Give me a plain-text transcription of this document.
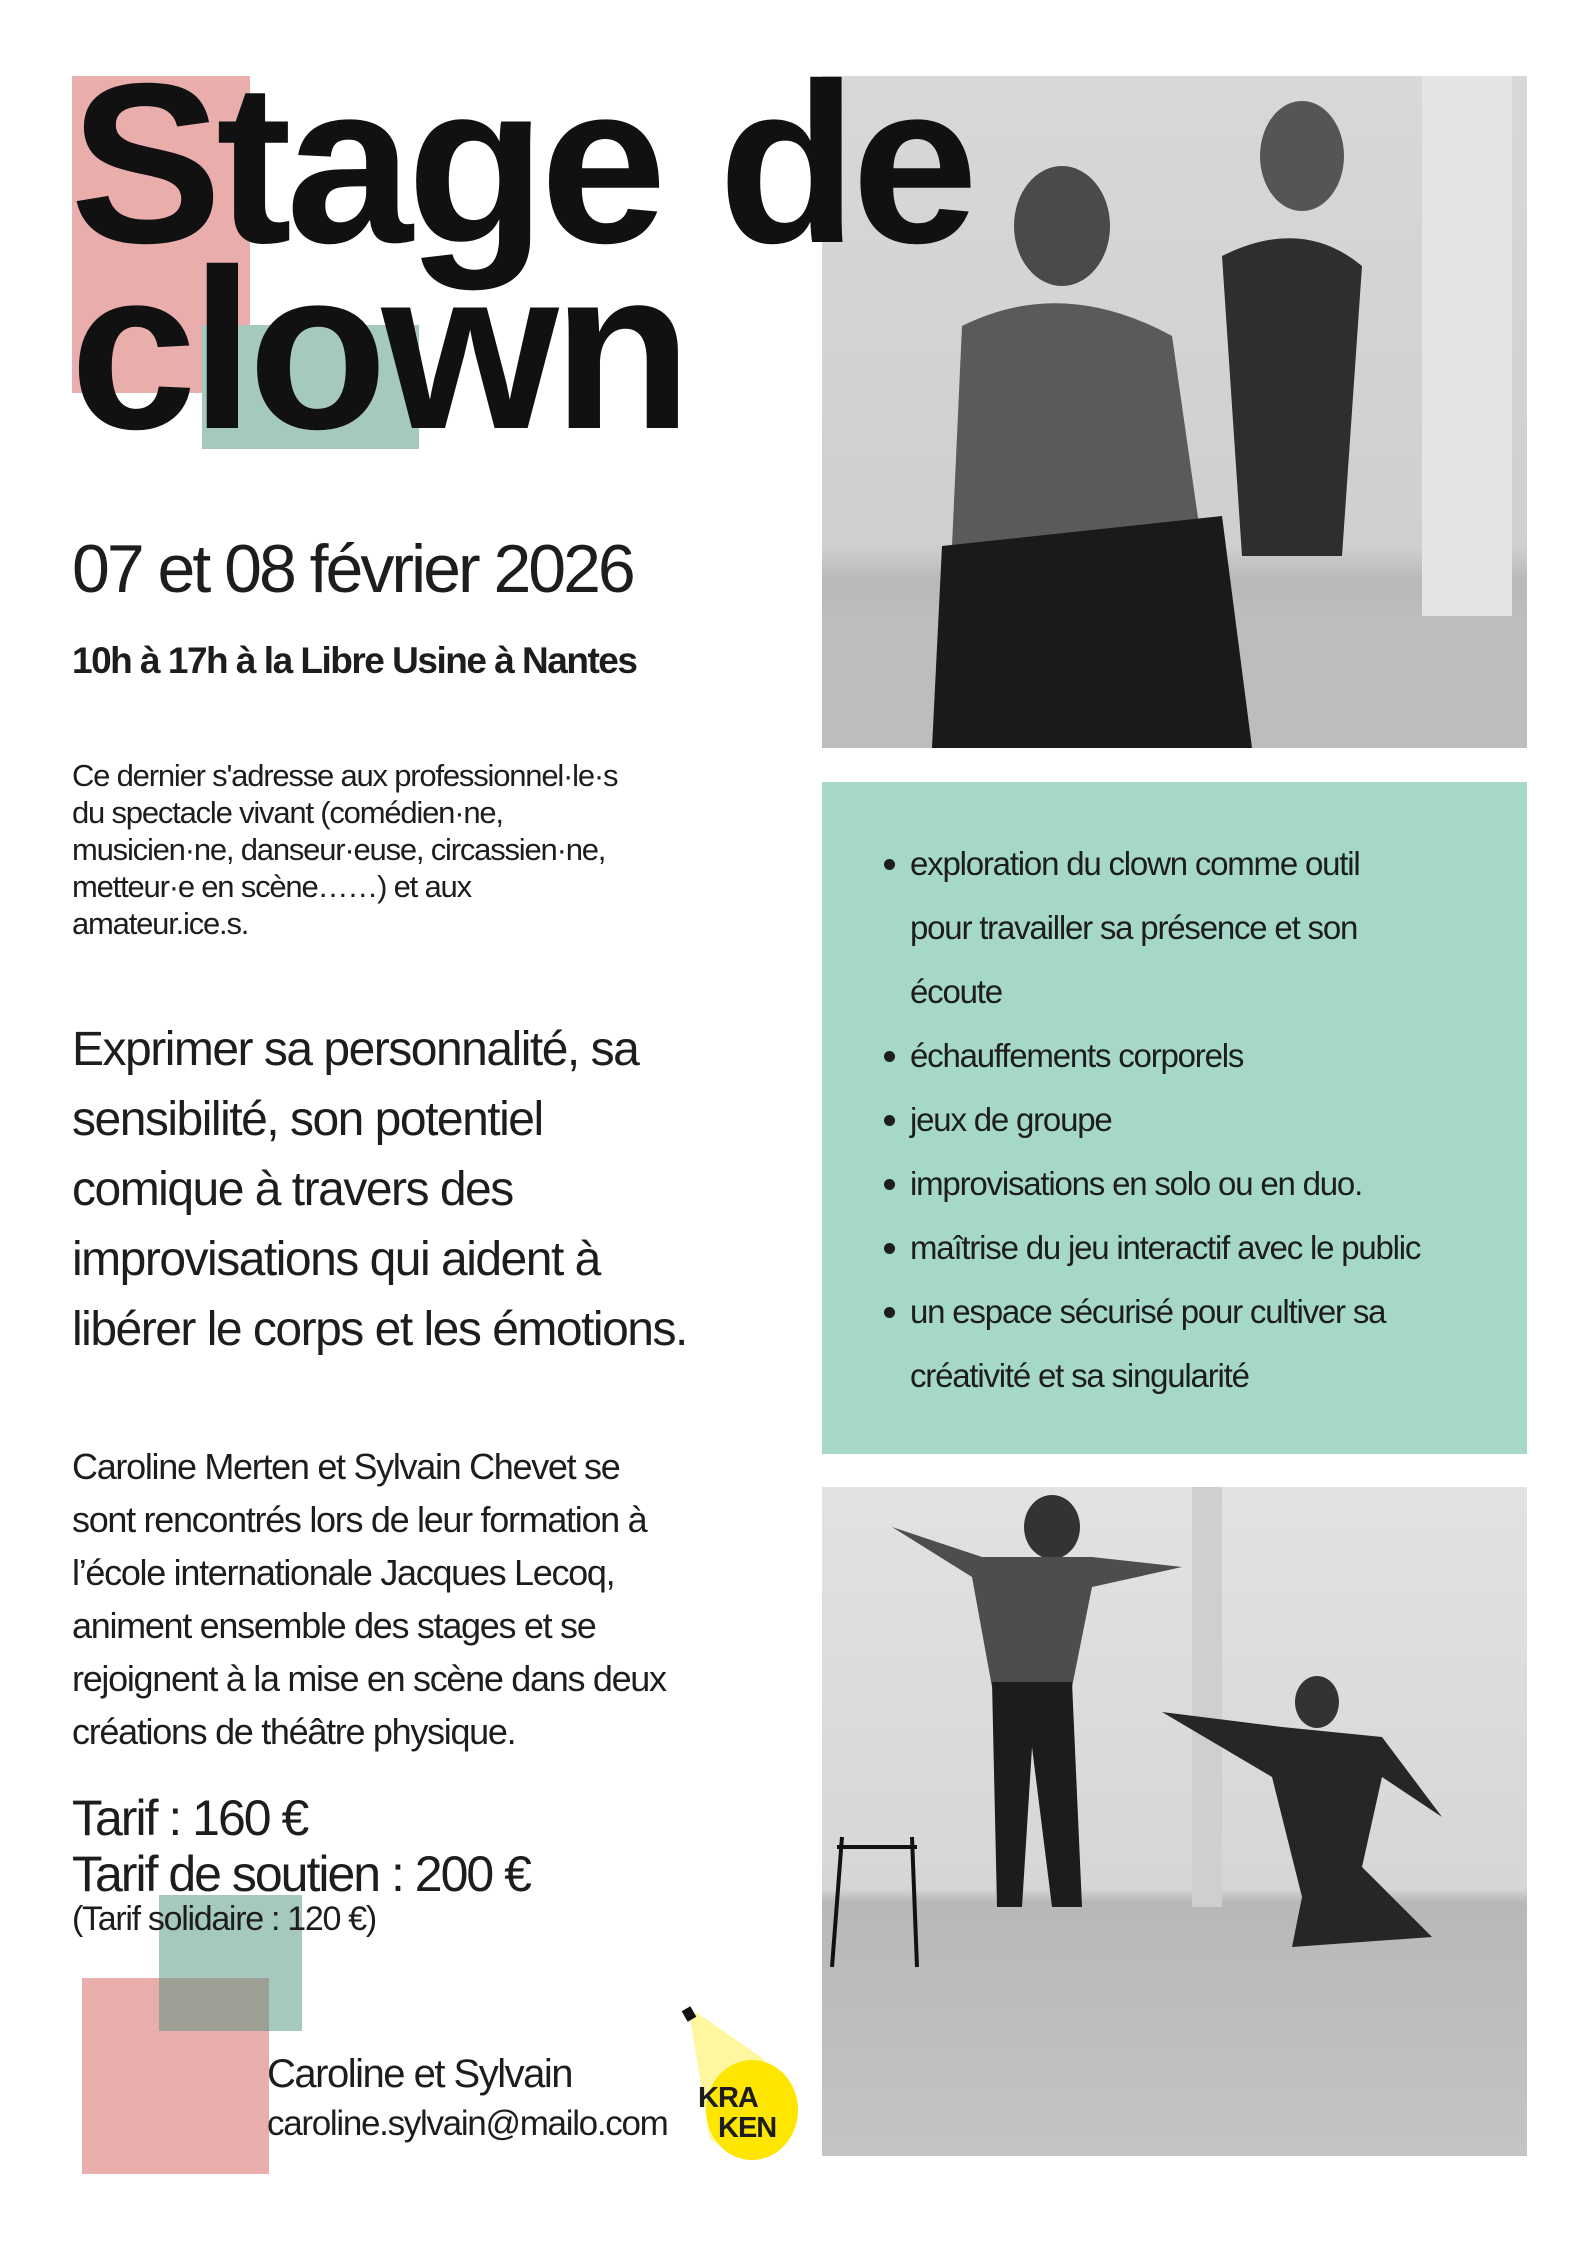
Stage de
clown
07 et 08 février 2026
10h à 17h à la Libre Usine à Nantes
Ce dernier s'adresse aux professionnel·le·s
du spectacle vivant (comédien·ne,
musicien·ne, danseur·euse, circassien·ne,
metteur·e en scène……) et aux
amateur.ice.s.
Exprimer sa personnalité, sa
sensibilité, son potentiel
comique à travers des
improvisations qui aident à
libérer le corps et les émotions.
Caroline Merten et Sylvain Chevet se
sont rencontrés lors de leur formation à
l’école internationale Jacques Lecoq,
animent ensemble des stages et se
rejoignent à la mise en scène dans deux
créations de théâtre physique.
Tarif : 160 €
Tarif de soutien : 200 €
(Tarif solidaire : 120 €)
Caroline et Sylvain
caroline.sylvain@mailo.com
KRA
KEN
exploration du clown comme outil
pour travailler sa présence et son
écoute
échauffements corporels
jeux de groupe
improvisations en solo ou en duo.
maîtrise du jeu interactif avec le public
un espace sécurisé pour cultiver sa
créativité et sa singularité
